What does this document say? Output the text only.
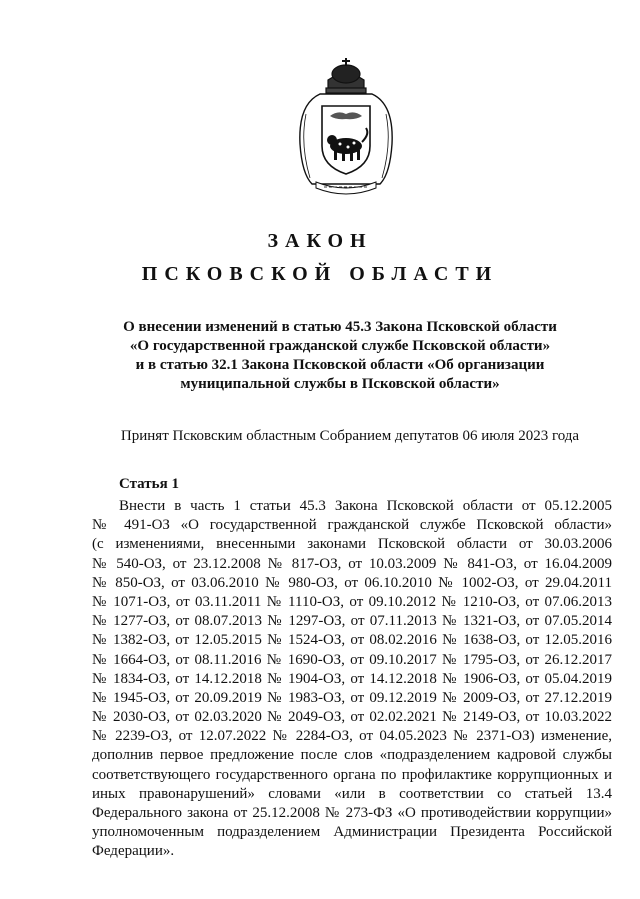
ЗАКОН
ПСКОВСКОЙ ОБЛАСТИ
О внесении изменений в статью 45.3 Закона Псковской области
«О государственной гражданской службе Псковской области»
и в статью 32.1 Закона Псковской области «Об организации
муниципальной службы в Псковской области»
Принят Псковским областным Собранием депутатов 06 июля 2023 года
Статья 1
Внести в часть 1 статьи 45.3 Закона Псковской области от 05.12.2005
№ 491-ОЗ «О государственной гражданской службе Псковской области»
(с изменениями, внесенными законами Псковской области от 30.03.2006
№ 540-ОЗ, от 23.12.2008 № 817-ОЗ, от 10.03.2009 № 841-ОЗ, от 16.04.2009
№ 850-ОЗ, от 03.06.2010 № 980-ОЗ, от 06.10.2010 № 1002-ОЗ, от 29.04.2011
№ 1071-ОЗ, от 03.11.2011 № 1110-ОЗ, от 09.10.2012 № 1210-ОЗ, от 07.06.2013
№ 1277-ОЗ, от 08.07.2013 № 1297-ОЗ, от 07.11.2013 № 1321-ОЗ, от 07.05.2014
№ 1382-ОЗ, от 12.05.2015 № 1524-ОЗ, от 08.02.2016 № 1638-ОЗ, от 12.05.2016
№ 1664-ОЗ, от 08.11.2016 № 1690-ОЗ, от 09.10.2017 № 1795-ОЗ, от 26.12.2017
№ 1834-ОЗ, от 14.12.2018 № 1904-ОЗ, от 14.12.2018 № 1906-ОЗ, от 05.04.2019
№ 1945-ОЗ, от 20.09.2019 № 1983-ОЗ, от 09.12.2019 № 2009-ОЗ, от 27.12.2019
№ 2030-ОЗ, от 02.03.2020 № 2049-ОЗ, от 02.02.2021 № 2149-ОЗ, от 10.03.2022
№ 2239-ОЗ, от 12.07.2022 № 2284-ОЗ, от 04.05.2023 № 2371-ОЗ) изменение,
дополнив первое предложение после слов «подразделением кадровой службы
соответствующего государственного органа по профилактике коррупционных и
иных правонарушений» словами «или в соответствии со статьей 13.4
Федерального закона от 25.12.2008 № 273-ФЗ «О противодействии коррупции»
уполномоченным подразделением Администрации Президента Российской
Федерации».
